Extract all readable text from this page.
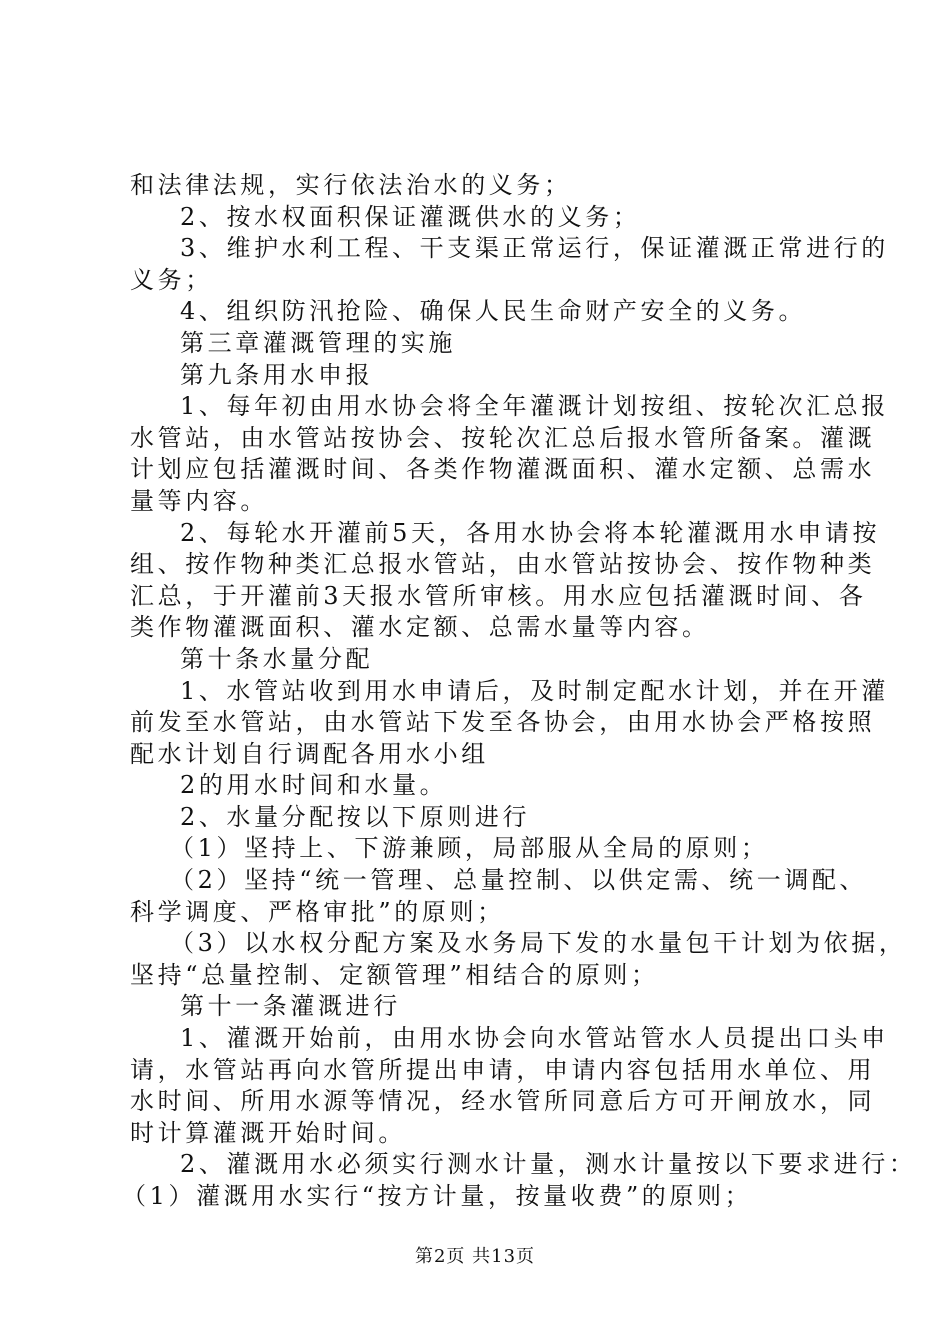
和法律法规，实行依法治水的义务；
2、按水权面积保证灌溉供水的义务；
3、维护水利工程、干支渠正常运行，保证灌溉正常进行的
义务；
4、组织防汛抢险、确保人民生命财产安全的义务。
第三章灌溉管理的实施
第九条用水申报
1、每年初由用水协会将全年灌溉计划按组、按轮次汇总报
水管站，由水管站按协会、按轮次汇总后报水管所备案。灌溉
计划应包括灌溉时间、各类作物灌溉面积、灌水定额、总需水
量等内容。
2、每轮水开灌前5天，各用水协会将本轮灌溉用水申请按
组、按作物种类汇总报水管站，由水管站按协会、按作物种类
汇总，于开灌前3天报水管所审核。用水应包括灌溉时间、各
类作物灌溉面积、灌水定额、总需水量等内容。
第十条水量分配
1、水管站收到用水申请后，及时制定配水计划，并在开灌
前发至水管站，由水管站下发至各协会，由用水协会严格按照
配水计划自行调配各用水小组
2的用水时间和水量。
2、水量分配按以下原则进行
（1）坚持上、下游兼顾，局部服从全局的原则；
（2）坚持“统一管理、总量控制、以供定需、统一调配、
科学调度、严格审批”的原则；
（3）以水权分配方案及水务局下发的水量包干计划为依据，
坚持“总量控制、定额管理”相结合的原则；
第十一条灌溉进行
1、灌溉开始前，由用水协会向水管站管水人员提出口头申
请，水管站再向水管所提出申请，申请内容包括用水单位、用
水时间、所用水源等情况，经水管所同意后方可开闸放水，同
时计算灌溉开始时间。
2、灌溉用水必须实行测水计量，测水计量按以下要求进行：
（1）灌溉用水实行“按方计量，按量收费”的原则；
第2页 共13页
